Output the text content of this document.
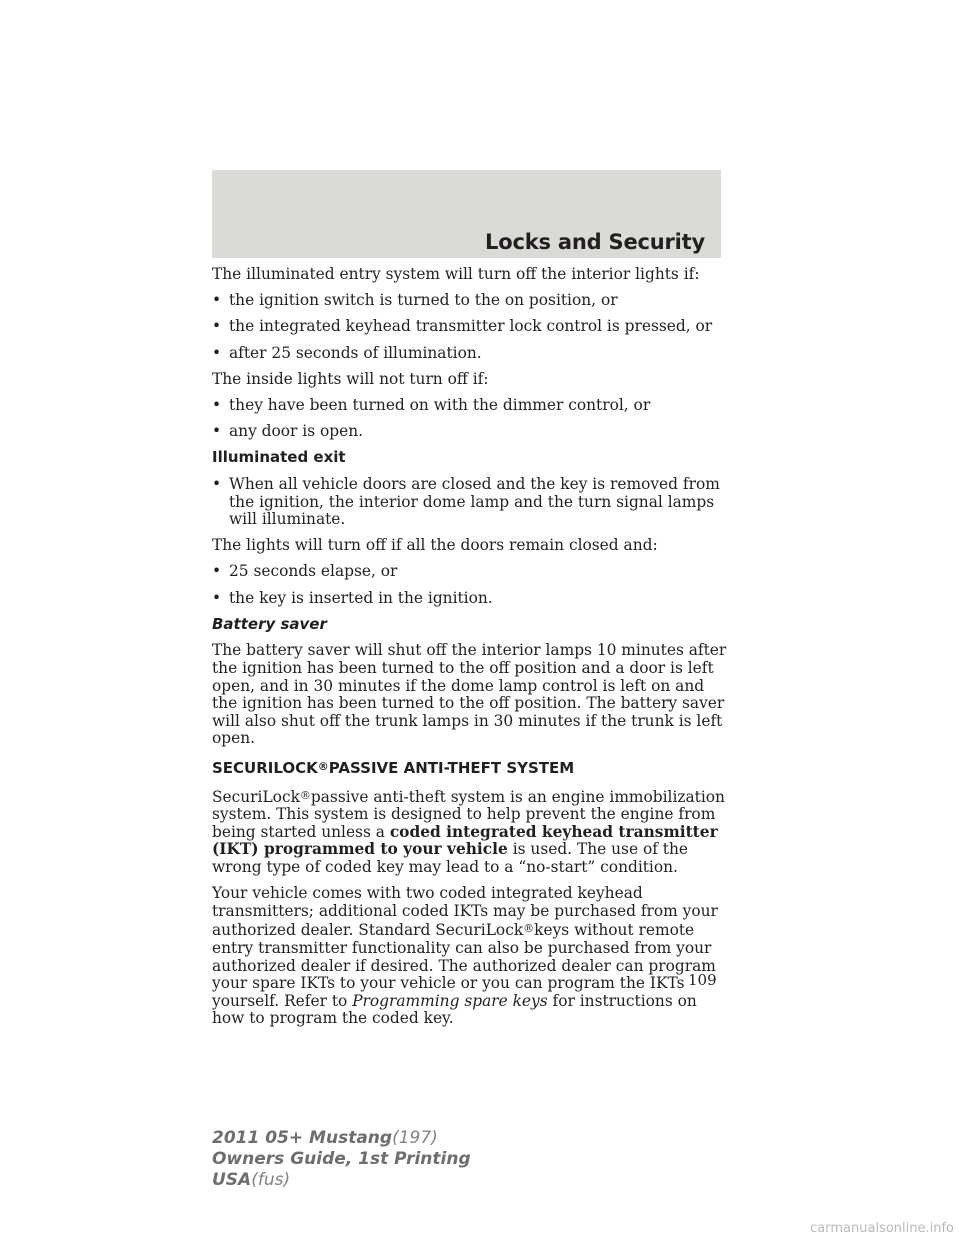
Locks and Security

The illuminated entry system will turn off the interior lights if:

• the ignition switch is turned to the on position, or

• the integrated keyhead transmitter lock control is pressed, or

• after 25 seconds of illumination.

The inside lights will not turn off if:

• they have been turned on with the dimmer control, or

• any door is open.

Illuminated exit

• When all vehicle doors are closed and the key is removed from the ignition, the interior dome lamp and the turn signal lamps will illuminate.

The lights will turn off if all the doors remain closed and:

• 25 seconds elapse, or

• the key is inserted in the ignition.

Battery saver

The battery saver will shut off the interior lamps 10 minutes after the ignition has been turned to the off position and a door is left open, and in 30 minutes if the dome lamp control is left on and the ignition has been turned to the off position. The battery saver will also shut off the trunk lamps in 30 minutes if the trunk is left open.

SECURILOCK®PASSIVE ANTI-THEFT SYSTEM

SecuriLock®passive anti-theft system is an engine immobilization system. This system is designed to help prevent the engine from being started unless a coded integrated keyhead transmitter (IKT) programmed to your vehicle is used. The use of the wrong type of coded key may lead to a “no-start” condition.

Your vehicle comes with two coded integrated keyhead transmitters; additional coded IKTs may be purchased from your authorized dealer. Standard SecuriLock®keys without remote entry transmitter functionality can also be purchased from your authorized dealer if desired. The authorized dealer can program your spare IKTs to your vehicle or you can program the IKTs yourself. Refer to Programming spare keys for instructions on how to program the coded key.

109
2011 05+ Mustang(197)
Owners Guide, 1st Printing
USA(fus)
carmanualsonline.info
